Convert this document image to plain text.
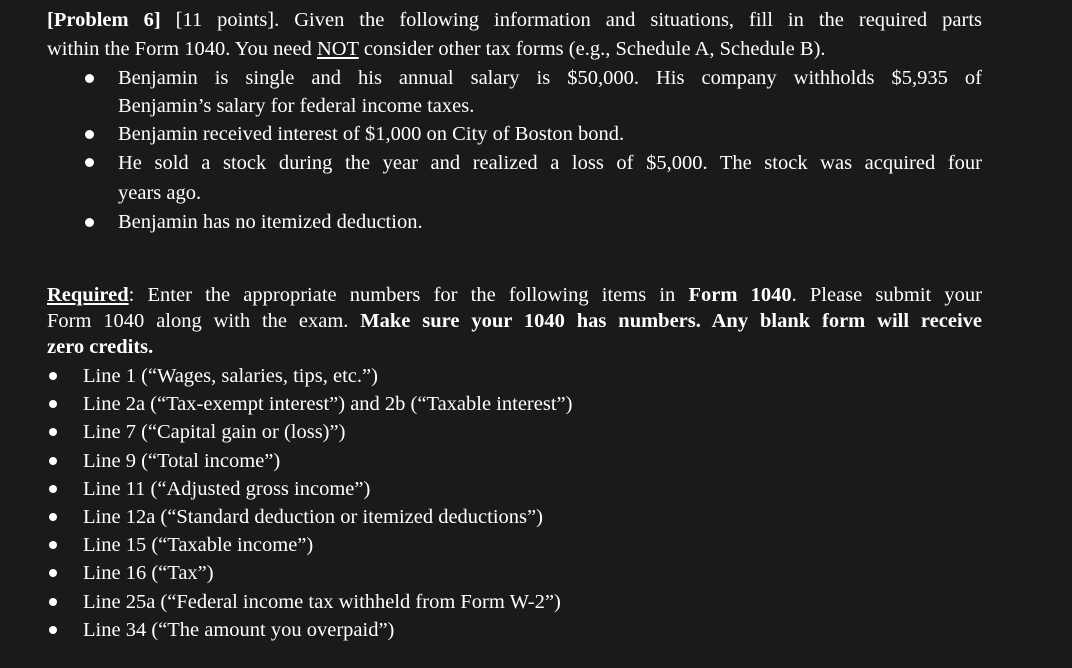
[Problem 6] [11 points]. Given the following information and situations, fill in the required parts

within the Form 1040. You need NOT consider other tax forms (e.g., Schedule A, Schedule B).

Benjamin is single and his annual salary is $50,000. His company withholds $5,935 of
Benjamin’s salary for federal income taxes.
Benjamin received interest of $1,000 on City of Boston bond.
He sold a stock during the year and realized a loss of $5,000. The stock was acquired four
years ago.
Benjamin has no itemized deduction.

Required: Enter the appropriate numbers for the following items in Form 1040. Please submit your

Form 1040 along with the exam. Make sure your 1040 has numbers. Any blank form will receive

zero credits.

Line 1 (“Wages, salaries, tips, etc.”)
Line 2a (“Tax-exempt interest”) and 2b (“Taxable interest”)
Line 7 (“Capital gain or (loss)”)
Line 9 (“Total income”)
Line 11 (“Adjusted gross income”)
Line 12a (“Standard deduction or itemized deductions”)
Line 15 (“Taxable income”)
Line 16 (“Tax”)
Line 25a (“Federal income tax withheld from Form W-2”)
Line 34 (“The amount you overpaid”)
